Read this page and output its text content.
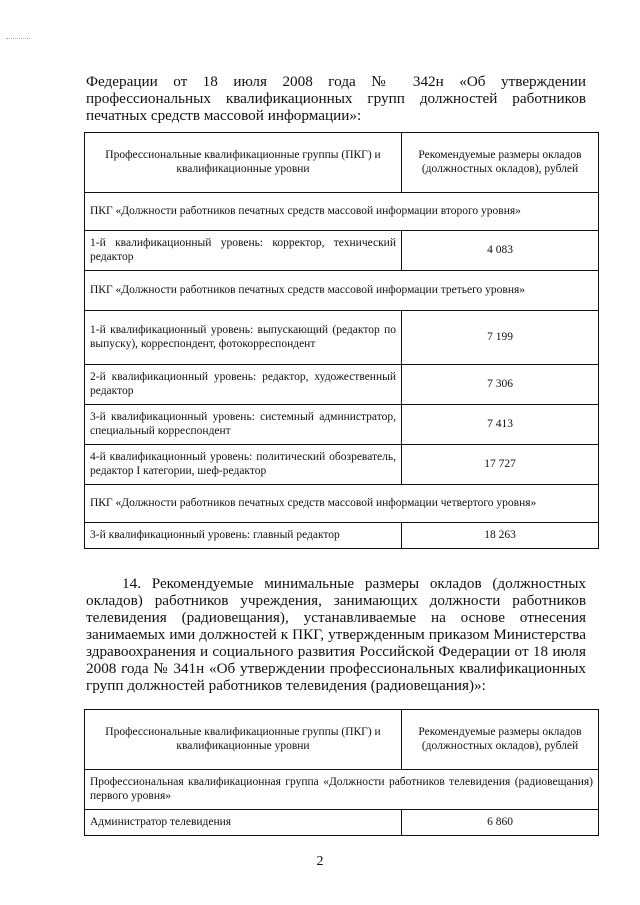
Федерации от 18 июля 2008 года № 342н «Об утверждении
профессиональных квалификационных групп должностей работников
печатных средств массовой информации»:

Профессиональные квалификационные группы (ПКГ) и квалификационные уровни	Рекомендуемые размеры окладов (должностных окладов), рублей
ПКГ «Должности работников печатных средств массовой информации второго уровня»	
1-й квалификационный уровень: корректор, технический редактор	4 083
ПКГ «Должности работников печатных средств массовой информации третьего уровня»	
1-й квалификационный уровень: выпускающий (редактор по выпуску), корреспондент, фотокорреспондент	7 199
2-й квалификационный уровень: редактор, художественный редактор	7 306
3-й квалификационный уровень: системный администратор, специальный корреспондент	7 413
4-й квалификационный уровень: политический обозреватель, редактор I категории, шеф-редактор	17 727
ПКГ «Должности работников печатных средств массовой информации четвертого уровня»	
3-й квалификационный уровень: главный редактор	18 263

14. Рекомендуемые минимальные размеры окладов (должностных
окладов) работников учреждения, занимающих должности работников
телевидения (радиовещания), устанавливаемые на основе отнесения
занимаемых ими должностей к ПКГ, утвержденным приказом Министерства
здравоохранения и социального развития Российской Федерации от 18 июля
2008 года № 341н «Об утверждении профессиональных квалификационных
групп должностей работников телевидения (радиовещания)»:

Профессиональные квалификационные группы (ПКГ) и квалификационные уровни	Рекомендуемые размеры окладов (должностных окладов), рублей
Профессиональная квалификационная группа «Должности работников телевидения (радиовещания) первого уровня»	
Администратор телевидения	6 860
2
